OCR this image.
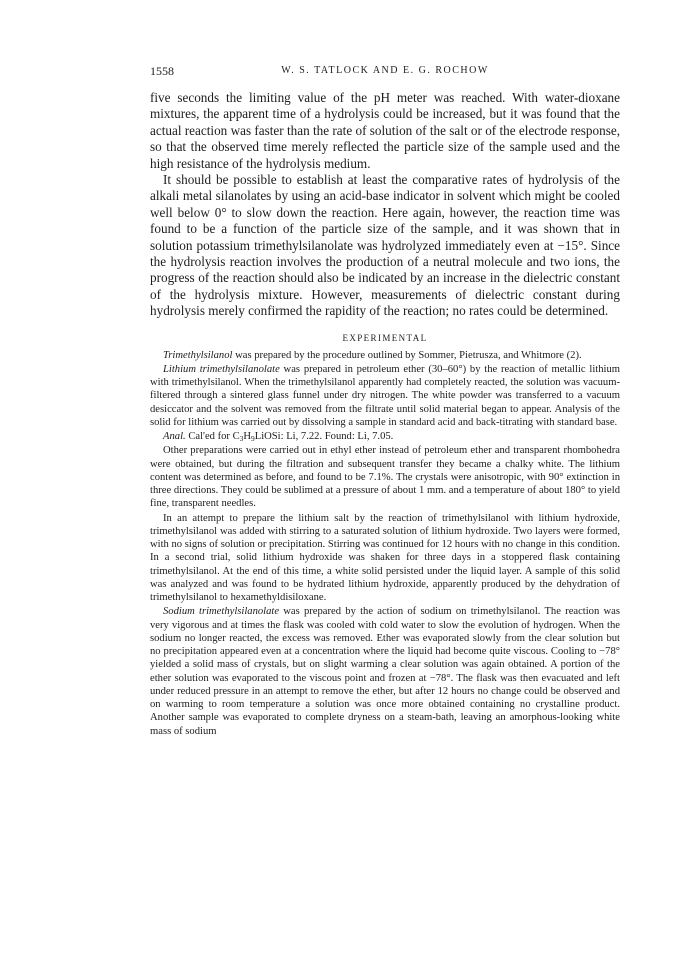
1558	W. S. TATLOCK AND E. G. ROCHOW

five seconds the limiting value of the pH meter was reached. With water-dioxane mixtures, the apparent time of a hydrolysis could be increased, but it was found that the actual reaction was faster than the rate of solution of the salt or of the electrode response, so that the observed time merely reflected the particle size of the sample used and the high resistance of the hydrolysis medium.

It should be possible to establish at least the comparative rates of hydrolysis of the alkali metal silanolates by using an acid-base indicator in solvent which might be cooled well below 0° to slow down the reaction. Here again, however, the reaction time was found to be a function of the particle size of the sample, and it was shown that in solution potassium trimethylsilanolate was hydrolyzed immediately even at −15°. Since the hydrolysis reaction involves the production of a neutral molecule and two ions, the progress of the reaction should also be indicated by an increase in the dielectric constant of the hydrolysis mixture. However, measurements of dielectric constant during hydrolysis merely confirmed the rapidity of the reaction; no rates could be determined.

EXPERIMENTAL

Trimethylsilanol was prepared by the procedure outlined by Sommer, Pietrusza, and Whitmore (2).

Lithium trimethylsilanolate was prepared in petroleum ether (30–60°) by the reaction of metallic lithium with trimethylsilanol. When the trimethylsilanol apparently had completely reacted, the solution was vacuum-filtered through a sintered glass funnel under dry nitrogen. The white powder was transferred to a vacuum desiccator and the solvent was removed from the filtrate until solid material began to appear. Analysis of the solid for lithium was carried out by dissolving a sample in standard acid and back-titrating with standard base.

Anal. Cal'ed for $C_3H_9LiOSi$: Li, 7.22. Found: Li, 7.05.

Other preparations were carried out in ethyl ether instead of petroleum ether and transparent rhombohedra were obtained, but during the filtration and subsequent transfer they became a chalky white. The lithium content was determined as before, and found to be 7.1%. The crystals were anisotropic, with 90° extinction in three directions. They could be sublimed at a pressure of about 1 mm. and a temperature of about 180° to yield fine, transparent needles.

In an attempt to prepare the lithium salt by the reaction of trimethylsilanol with lithium hydroxide, trimethylsilanol was added with stirring to a saturated solution of lithium hydroxide. Two layers were formed, with no signs of solution or precipitation. Stirring was continued for 12 hours with no change in this condition. In a second trial, solid lithium hydroxide was shaken for three days in a stoppered flask containing trimethylsilanol. At the end of this time, a white solid persisted under the liquid layer. A sample of this solid was analyzed and was found to be hydrated lithium hydroxide, apparently produced by the dehydration of trimethylsilanol to hexamethyldisiloxane.

Sodium trimethylsilanolate was prepared by the action of sodium on trimethylsilanol. The reaction was very vigorous and at times the flask was cooled with cold water to slow the evolution of hydrogen. When the sodium no longer reacted, the excess was removed. Ether was evaporated slowly from the clear solution but no precipitation appeared even at a concentration where the liquid had become quite viscous. Cooling to −78° yielded a solid mass of crystals, but on slight warming a clear solution was again obtained. A portion of the ether solution was evaporated to the viscous point and frozen at −78°. The flask was then evacuated and left under reduced pressure in an attempt to remove the ether, but after 12 hours no change could be observed and on warming to room temperature a solution was once more obtained containing no crystalline product. Another sample was evaporated to complete dryness on a steam-bath, leaving an amorphous-looking white mass of sodium
